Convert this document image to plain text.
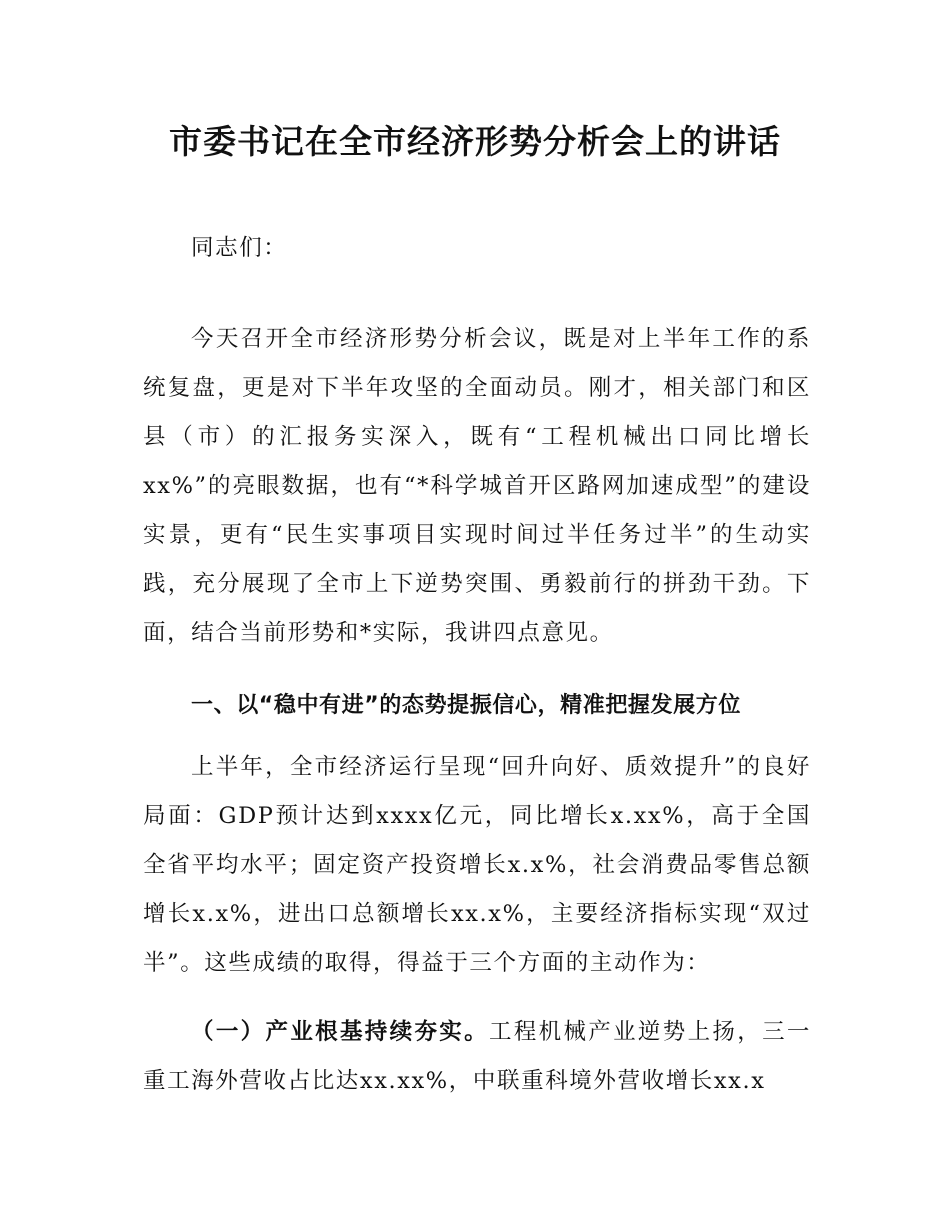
市委书记在全市经济形势分析会上的讲话

同志们：

今天召开全市经济形势分析会议，既是对上半年工作的系统复盘，更是对下半年攻坚的全面动员。刚才，相关部门和区县（市）的汇报务实深入，既有“工程机械出口同比增长xx%”的亮眼数据，也有“*科学城首开区路网加速成型”的建设实景，更有“民生实事项目实现时间过半任务过半”的生动实践，充分展现了全市上下逆势突围、勇毅前行的拼劲干劲。下面，结合当前形势和*实际，我讲四点意见。

一、以“稳中有进”的态势提振信心，精准把握发展方位

上半年，全市经济运行呈现“回升向好、质效提升”的良好局面：GDP预计达到xxxx亿元，同比增长x.xx%，高于全国全省平均水平；固定资产投资增长x.x%，社会消费品零售总额增长x.x%，进出口总额增长xx.x%，主要经济指标实现“双过半”。这些成绩的取得，得益于三个方面的主动作为：

（一）产业根基持续夯实。工程机械产业逆势上扬，三一重工海外营收占比达xx.xx%，中联重科境外营收增长xx.x
